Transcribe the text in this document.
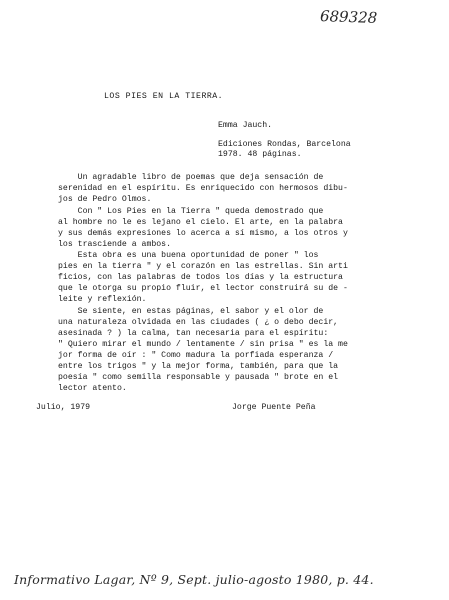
689328
LOS PIES EN LA TIERRA.
Emma Jauch.
Ediciones Rondas, Barcelona
1978. 48 páginas.
Un agradable libro de poemas que deja sensación de
serenidad en el espíritu. Es enriquecido con hermosos dibu-
jos de Pedro Olmos.
Con " Los Pies en la Tierra " queda demostrado que
al hombre no le es lejano el cielo. El arte, en la palabra
y sus demás expresiones lo acerca a sí mismo, a los otros y
los trasciende a ambos.
Esta obra es una buena oportunidad de poner " los
pies en la tierra " y el corazón en las estrellas. Sin arti
ficios, con las palabras de todos los días y la estructura
que le otorga su propio fluir, el lector construirá su de -
leite y reflexión.
Se siente, en estas páginas, el sabor y el olor de
una naturaleza olvidada en las ciudades ( ¿ o debo decir,
asesinada ? ) la calma, tan necesaria para el espíritu:
" Quiero mirar el mundo / lentamente / sin prisa " es la me
jor forma de oír : " Como madura la porfiada esperanza /
entre los trigos " y la mejor forma, también, para que la
poesía " como semilla responsable y pausada " brote en el
lector atento.
Julio, 1979	Jorge Puente Peña
Informativo Lagar, Nº 9, Sept. julio-agosto 1980, p. 44.
